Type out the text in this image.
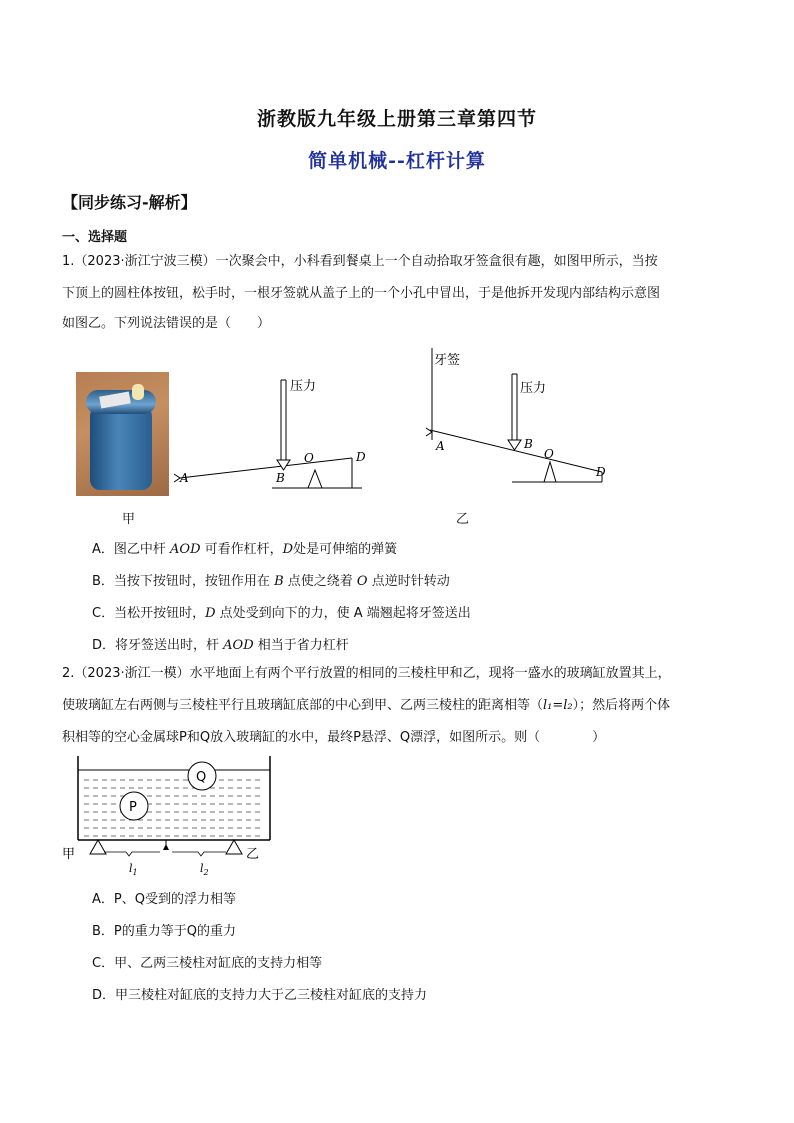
浙教版九年级上册第三章第四节
简单机械--杠杆计算
【同步练习-解析】
一、选择题
1.（2023·浙江宁波三模）一次聚会中，小科看到餐桌上一个自动拾取牙签盒很有趣，如图甲所示，当按
下顶上的圆柱体按钮，松手时，一根牙签就从盖子上的一个小孔中冒出，于是他拆开发现内部结构示意图
如图乙。下列说法错误的是（　　）
压力
A	B
O	D
甲
牙签
压力
A	B
O
D
乙
A．图乙中杆 AOD 可看作杠杆，D处是可伸缩的弹簧
B．当按下按钮时，按钮作用在 B 点使之绕着 O 点逆时针转动
C．当松开按钮时，D 点处受到向下的力，使 A 端翘起将牙签送出
D．将牙签送出时，杆 AOD 相当于省力杠杆
2.（2023·浙江一模）水平地面上有两个平行放置的相同的三棱柱甲和乙，现将一盛水的玻璃缸放置其上，
使玻璃缸左右两侧与三棱柱平行且玻璃缸底部的中心到甲、乙两三棱柱的距离相等（l₁=l₂）；然后将两个体
积相等的空心金属球P和Q放入玻璃缸的水中，最终P悬浮、Q漂浮，如图所示。则（　　　　）
Q
P
甲	乙
$l_1$	$l_2$
A．P、Q受到的浮力相等
B．P的重力等于Q的重力
C．甲、乙两三棱柱对缸底的支持力相等
D．甲三棱柱对缸底的支持力大于乙三棱柱对缸底的支持力
